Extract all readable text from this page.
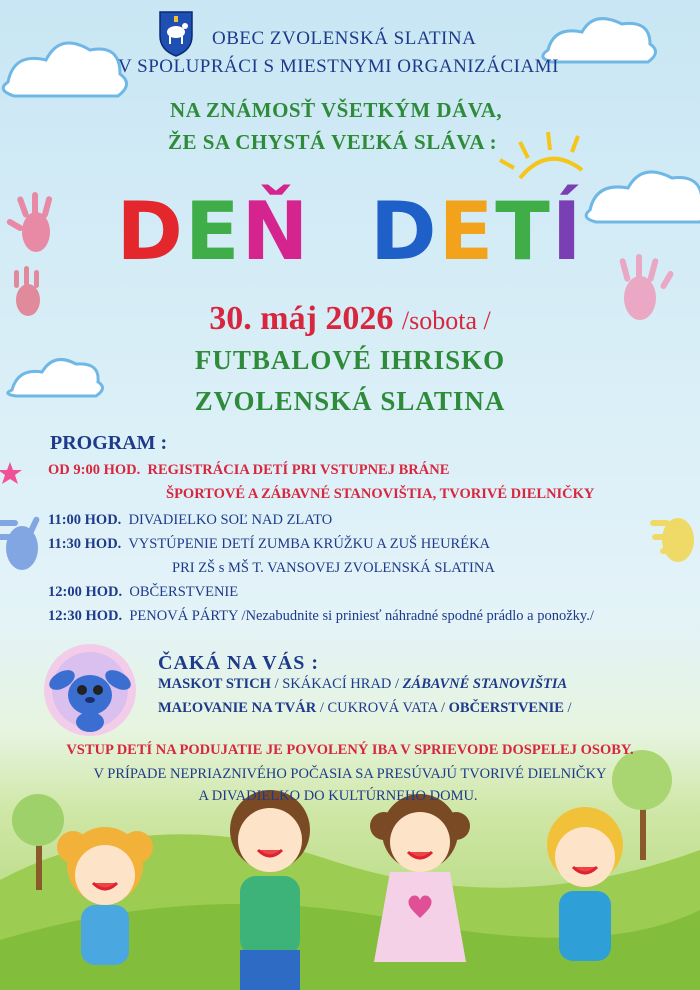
OBEC ZVOLENSKÁ SLATINA

V SPOLUPRÁCI S MIESTNYMI ORGANIZÁCIAMI

NA ZNÁMOSŤ VŠETKÝM DÁVA,

ŽE SA CHYSTÁ VEĽKÁ SLÁVA :

DEŇ DETÍ

30. máj 2026 /sobota /

FUTBALOVÉ IHRISKO

ZVOLENSKÁ SLATINA

PROGRAM :

OD 9:00 HOD. REGISTRÁCIA DETÍ PRI VSTUPNEJ BRÁNE

ŠPORTOVÉ A ZÁBAVNÉ STANOVIŠTIA, TVORIVÉ DIELNIČKY

11:00 HOD. DIVADIELKO SOĽ NAD ZLATO

11:30 HOD. VYSTÚPENIE DETÍ ZUMBA KRÚŽKU A ZUŠ HEURÉKA

PRI ZŠ s MŠ T. VANSOVEJ ZVOLENSKÁ SLATINA

12:00 HOD. OBČERSTVENIE

12:30 HOD. PENOVÁ PÁRTY /Nezabudnite si priniesť náhradné spodné prádlo a ponožky./

ČAKÁ NA VÁS :

MASKOT STICH / SKÁKACÍ HRAD / ZÁBAVNÉ STANOVIŠTIA

MAĽOVANIE NA TVÁR / CUKROVÁ VATA / OBČERSTVENIE /

VSTUP DETÍ NA PODUJATIE JE POVOLENÝ IBA V SPRIEVODE DOSPELEJ OSOBY.

V PRÍPADE NEPRIAZNIVÉHO POČASIA SA PRESÚVAJÚ TVORIVÉ DIELNIČKY

A DIVADIELKO DO KULTÚRNEHO DOMU.
